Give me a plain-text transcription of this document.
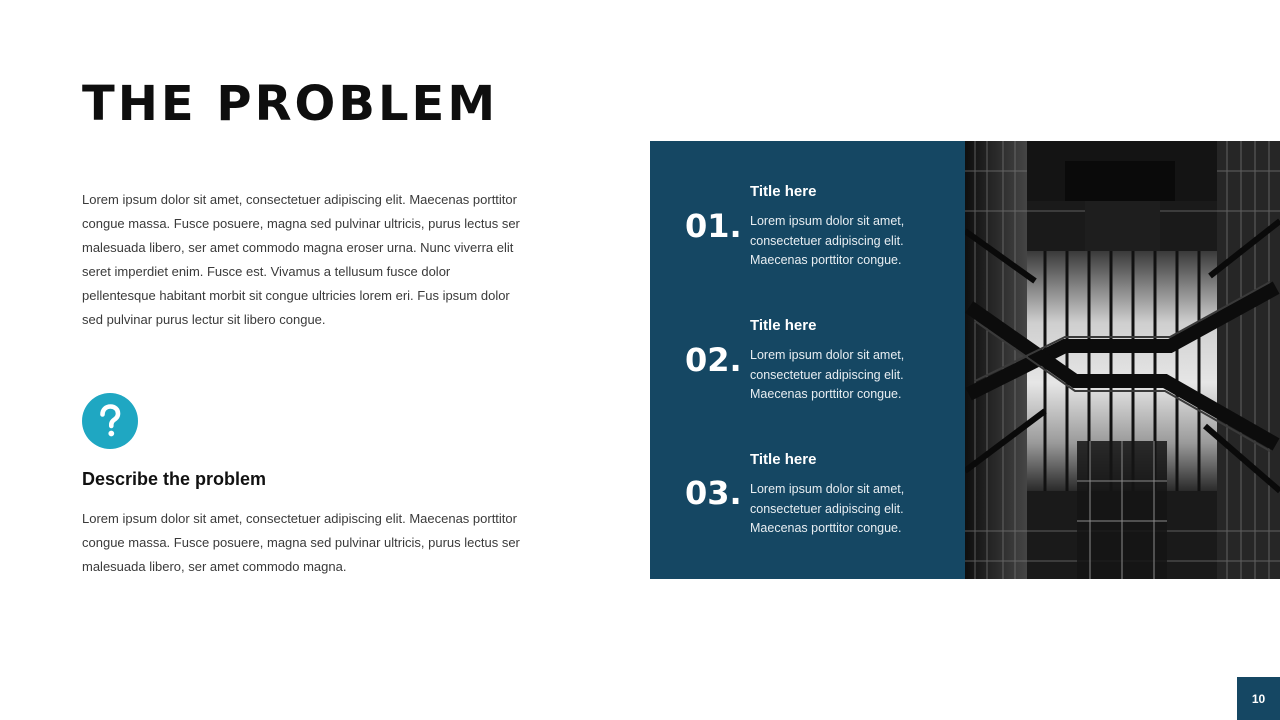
THE PROBLEM

Lorem ipsum dolor sit amet, consectetuer adipiscing elit. Maecenas porttitor congue massa. Fusce posuere, magna sed pulvinar ultricis, purus lectus ser malesuada libero, ser amet commodo magna eroser urna. Nunc viverra elit seret imperdiet enim. Fusce est. Vivamus a tellusum fusce dolor pellentesque habitant morbit sit congue ultricies lorem eri. Fus ipsum dolor sed pulvinar purus lectur sit libero congue.

Describe the problem

Lorem ipsum dolor sit amet, consectetuer adipiscing elit. Maecenas porttitor congue massa. Fusce posuere, magna sed pulvinar ultricis, purus lectus ser malesuada libero, ser amet commodo magna.

01.
Title here
Lorem ipsum dolor sit amet, consectetuer adipiscing elit. Maecenas porttitor congue.
02.
Title here
Lorem ipsum dolor sit amet, consectetuer adipiscing elit. Maecenas porttitor congue.
03.
Title here
Lorem ipsum dolor sit amet, consectetuer adipiscing elit. Maecenas porttitor congue.
10
